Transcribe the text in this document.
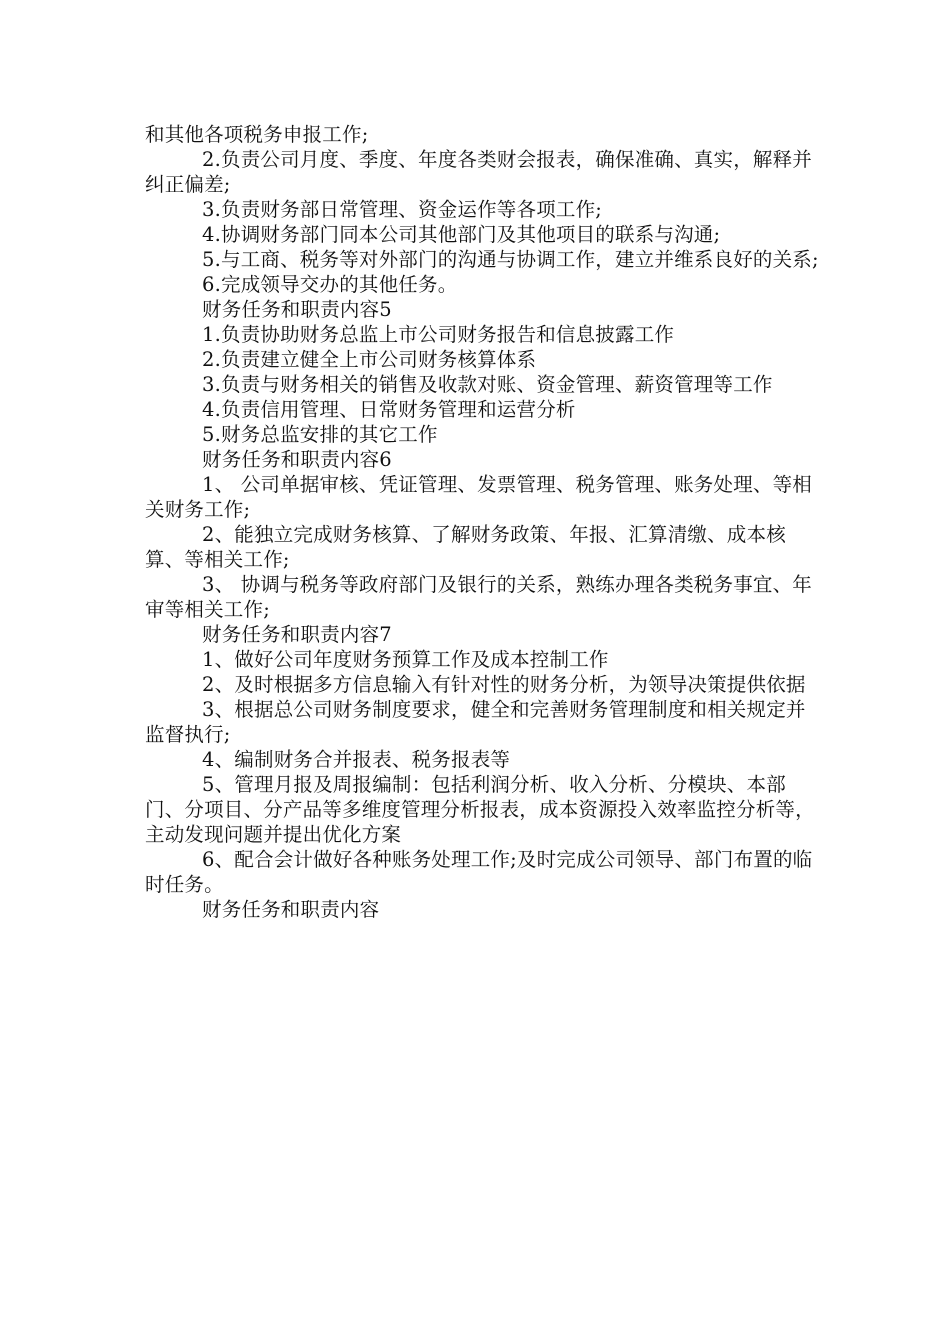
和其他各项税务申报工作;

2.负责公司月度、季度、年度各类财会报表，确保准确、真实，解释并纠正偏差;

3.负责财务部日常管理、资金运作等各项工作;

4.协调财务部门同本公司其他部门及其他项目的联系与沟通;

5.与工商、税务等对外部门的沟通与协调工作，建立并维系良好的关系;

6.完成领导交办的其他任务。

财务任务和职责内容5

1.负责协助财务总监上市公司财务报告和信息披露工作

2.负责建立健全上市公司财务核算体系

3.负责与财务相关的销售及收款对账、资金管理、薪资管理等工作

4.负责信用管理、日常财务管理和运营分析

5.财务总监安排的其它工作

财务任务和职责内容6

1、 公司单据审核、凭证管理、发票管理、税务管理、账务处理、等相关财务工作;

2、能独立完成财务核算、了解财务政策、年报、汇算清缴、成本核算、等相关工作;

3、 协调与税务等政府部门及银行的关系，熟练办理各类税务事宜、年审等相关工作;

财务任务和职责内容7

1、做好公司年度财务预算工作及成本控制工作

2、及时根据多方信息输入有针对性的财务分析，为领导决策提供依据

3、根据总公司财务制度要求，健全和完善财务管理制度和相关规定并监督执行;

4、编制财务合并报表、税务报表等

5、管理月报及周报编制：包括利润分析、收入分析、分模块、本部门、分项目、分产品等多维度管理分析报表，成本资源投入效率监控分析等，主动发现问题并提出优化方案

6、配合会计做好各种账务处理工作;及时完成公司领导、部门布置的临时任务。

财务任务和职责内容
